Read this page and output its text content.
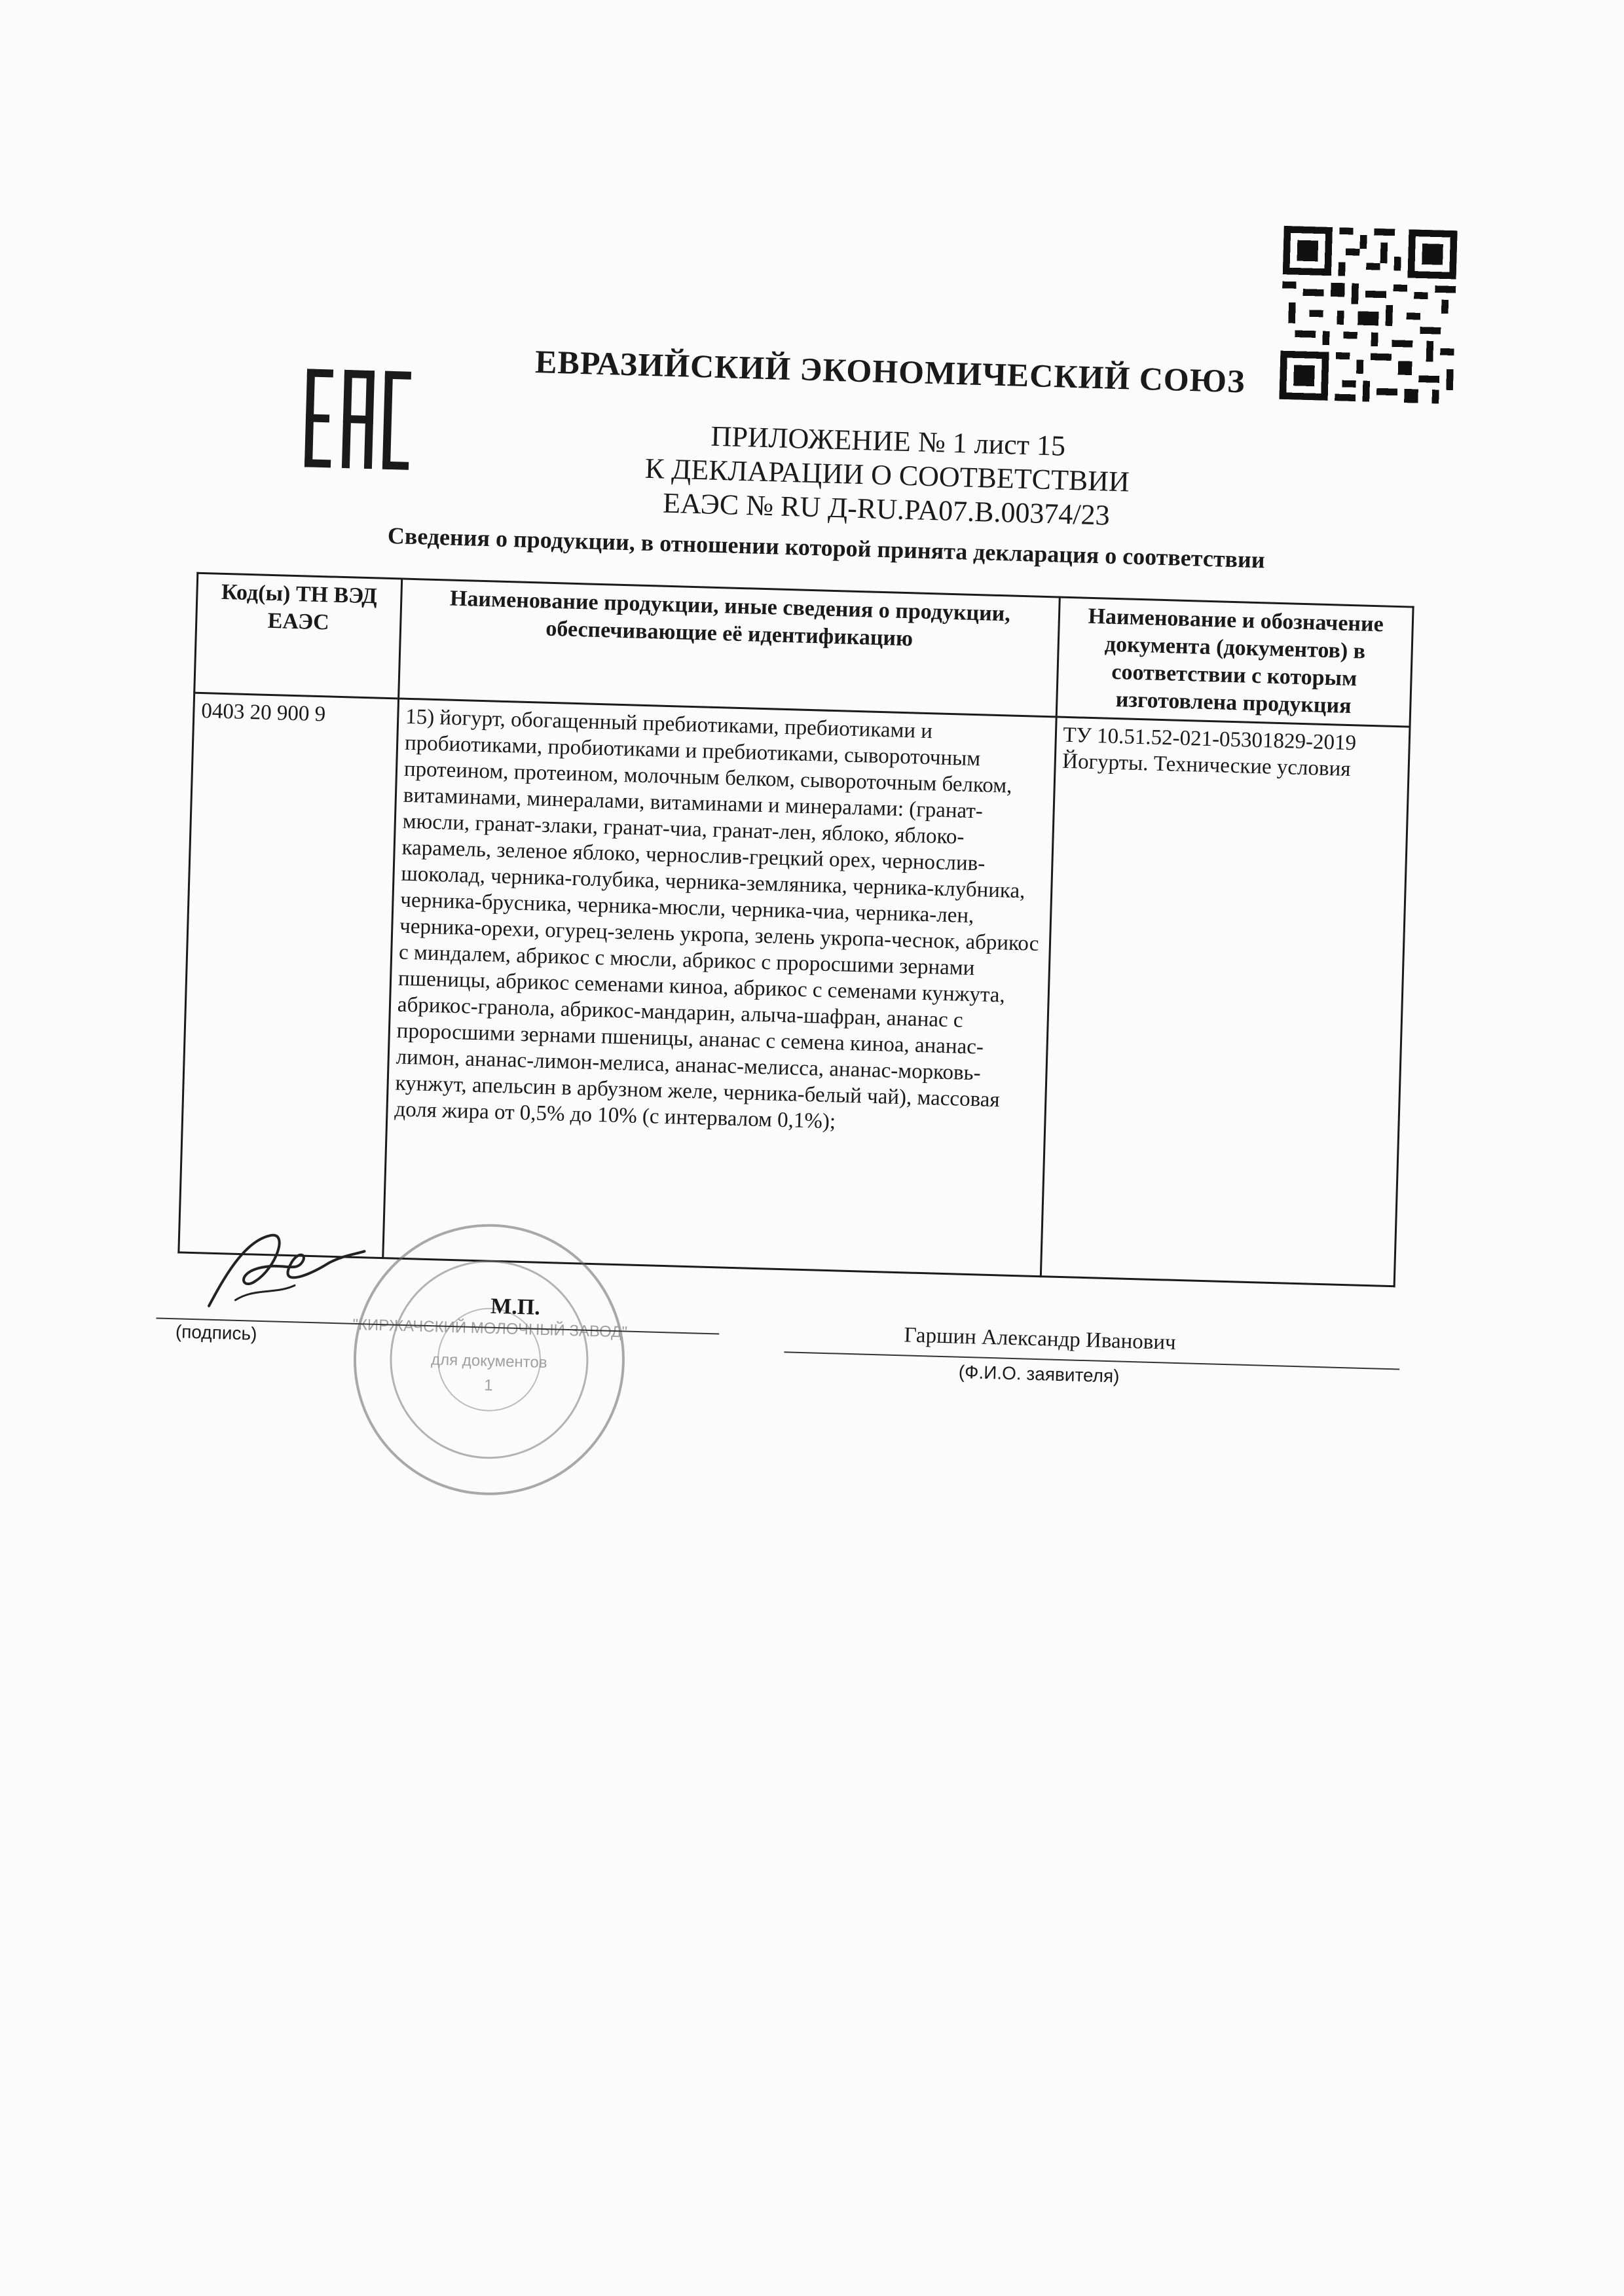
ЕВРАЗИЙСКИЙ ЭКОНОМИЧЕСКИЙ СОЮЗ
ПРИЛОЖЕНИЕ № 1 лист 15
К ДЕКЛАРАЦИИ О СООТВЕТСТВИИ
ЕАЭС № RU Д-RU.PA07.B.00374/23
Сведения о продукции, в отношении которой принята декларация о соответствии
Код(ы) ТН ВЭД ЕАЭС	Наименование продукции, иные сведения о продукции, обеспечивающие её идентификацию	Наименование и обозначение документа (документов) в соответствии с которым изготовлена продукция
0403 20 900 9	15) йогурт, обогащенный пребиотиками, пребиотиками и пробиотиками, пробиотиками и пребиотиками, сывороточным протеином, протеином, молочным белком, сывороточным белком, витаминами, минералами, витаминами и минералами: (гранат-мюсли, гранат-злаки, гранат-чиа, гранат-лен, яблоко, яблоко-карамель, зеленое яблоко, чернослив-грецкий орех, чернослив-шоколад, черника-голубика, черника-земляника, черника-клубника, черника-брусника, черника-мюсли, черника-чиа, черника-лен, черника-орехи, огурец-зелень укропа, зелень укропа-чеснок, абрикос с миндалем, абрикос с мюсли, абрикос с пророcшими зернами пшеницы, абрикос семенами киноа, абрикос с семенами кунжута, абрикос-гранола, абрикос-мандарин, алыча-шафран, ананас с проросшими зернами пшеницы, ананас с семена киноа, ананас-лимон, ананас-лимон-мелиса, ананас-мелисса, ананас-морковь-кунжут, апельсин в арбузном желе, черника-белый чай), массовая доля жира от 0,5% до 10% (с интервалом 0,1%);	ТУ 10.51.52-021-05301829-2019 Йогурты. Технические условия
"КИРЖАЧСКИЙ МОЛОЧНЫЙ ЗАВОД"
для документов
1
М.П.
(подпись)	Гаршин Александр Иванович
(Ф.И.О. заявителя)
